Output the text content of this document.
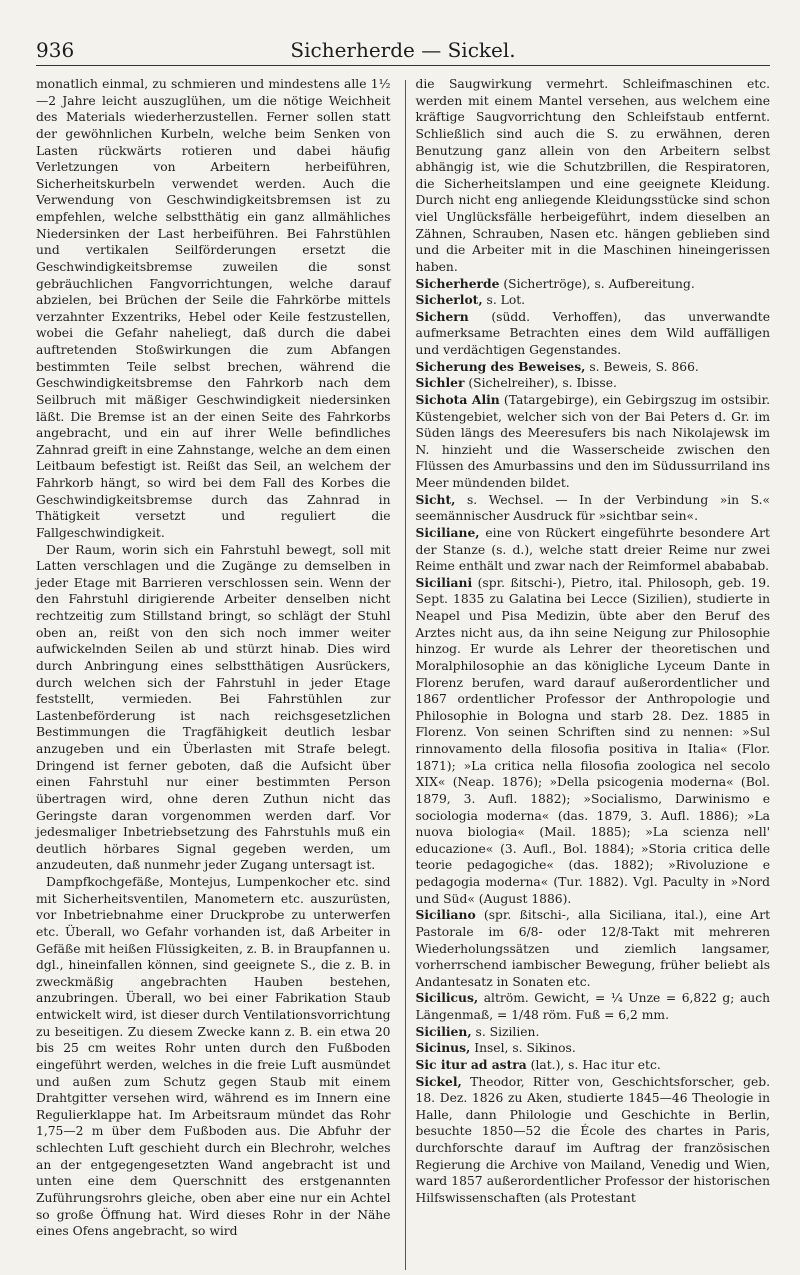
936	Sicherherde — Sickel.

monatlich einmal, zu schmieren und mindestens alle 1½—2 Jahre leicht auszuglühen, um die nötige Weichheit des Materials wiederherzustellen. Ferner sollen statt der gewöhnlichen Kurbeln, welche beim Senken von Lasten rückwärts rotieren und dabei häufig Verletzungen von Arbeitern herbeiführen, Sicherheitskurbeln verwendet werden. Auch die Verwendung von Geschwindigkeitsbremsen ist zu empfehlen, welche selbstthätig ein ganz allmähliches Niedersinken der Last herbeiführen. Bei Fahrstühlen und vertikalen Seilförderungen ersetzt die Geschwindigkeitsbremse zuweilen die sonst gebräuchlichen Fangvorrichtungen, welche darauf abzielen, bei Brüchen der Seile die Fahrkörbe mittels verzahnter Exzentriks, Hebel oder Keile festzustellen, wobei die Gefahr naheliegt, daß durch die dabei auftretenden Stoßwirkungen die zum Abfangen bestimmten Teile selbst brechen, während die Geschwindigkeitsbremse den Fahrkorb nach dem Seilbruch mit mäßiger Geschwindigkeit niedersinken läßt. Die Bremse ist an der einen Seite des Fahrkorbs angebracht, und ein auf ihrer Welle befindliches Zahnrad greift in eine Zahnstange, welche an dem einen Leitbaum befestigt ist. Reißt das Seil, an welchem der Fahrkorb hängt, so wird bei dem Fall des Korbes die Geschwindigkeitsbremse durch das Zahnrad in Thätigkeit versetzt und reguliert die Fallgeschwindigkeit.

Der Raum, worin sich ein Fahrstuhl bewegt, soll mit Latten verschlagen und die Zugänge zu demselben in jeder Etage mit Barrieren verschlossen sein. Wenn der den Fahrstuhl dirigierende Arbeiter denselben nicht rechtzeitig zum Stillstand bringt, so schlägt der Stuhl oben an, reißt von den sich noch immer weiter aufwickelnden Seilen ab und stürzt hinab. Dies wird durch Anbringung eines selbstthätigen Ausrückers, durch welchen sich der Fahrstuhl in jeder Etage feststellt, vermieden. Bei Fahrstühlen zur Lastenbeförderung ist nach reichsgesetzlichen Bestimmungen die Tragfähigkeit deutlich lesbar anzugeben und ein Überlasten mit Strafe belegt. Dringend ist ferner geboten, daß die Aufsicht über einen Fahrstuhl nur einer bestimmten Person übertragen wird, ohne deren Zuthun nicht das Geringste daran vorgenommen werden darf. Vor jedesmaliger Inbetriebsetzung des Fahrstuhls muß ein deutlich hörbares Signal gegeben werden, um anzudeuten, daß nunmehr jeder Zugang untersagt ist.

Dampfkochgefäße, Montejus, Lumpenkocher etc. sind mit Sicherheitsventilen, Manometern etc. auszurüsten, vor Inbetriebnahme einer Druckprobe zu unterwerfen etc. Überall, wo Gefahr vorhanden ist, daß Arbeiter in Gefäße mit heißen Flüssigkeiten, z. B. in Braupfannen u. dgl., hineinfallen können, sind geeignete S., die z. B. in zweckmäßig angebrachten Hauben bestehen, anzubringen. Überall, wo bei einer Fabrikation Staub entwickelt wird, ist dieser durch Ventilationsvorrichtung zu beseitigen. Zu diesem Zwecke kann z. B. ein etwa 20 bis 25 cm weites Rohr unten durch den Fußboden eingeführt werden, welches in die freie Luft ausmündet und außen zum Schutz gegen Staub mit einem Drahtgitter versehen wird, während es im Innern eine Regulierklappe hat. Im Arbeitsraum mündet das Rohr 1,75—2 m über dem Fußboden aus. Die Abfuhr der schlechten Luft geschieht durch ein Blechrohr, welches an der entgegengesetzten Wand angebracht ist und unten eine dem Querschnitt des erstgenannten Zuführungsrohrs gleiche, oben aber eine nur ein Achtel so große Öffnung hat. Wird dieses Rohr in der Nähe eines Ofens angebracht, so wird

die Saugwirkung vermehrt. Schleifmaschinen etc. werden mit einem Mantel versehen, aus welchem eine kräftige Saugvorrichtung den Schleifstaub entfernt. Schließlich sind auch die S. zu erwähnen, deren Benutzung ganz allein von den Arbeitern selbst abhängig ist, wie die Schutzbrillen, die Respiratoren, die Sicherheitslampen und eine geeignete Kleidung. Durch nicht eng anliegende Kleidungsstücke sind schon viel Unglücksfälle herbeigeführt, indem dieselben an Zähnen, Schrauben, Nasen etc. hängen geblieben sind und die Arbeiter mit in die Maschinen hineingerissen haben.

Sicherherde (Sichertröge), s. Aufbereitung.

Sicherlot, s. Lot.

Sichern (südd. Verhoffen), das unverwandte aufmerksame Betrachten eines dem Wild auffälligen und verdächtigen Gegenstandes.

Sicherung des Beweises, s. Beweis, S. 866.

Sichler (Sichelreiher), s. Ibisse.

Sichota Alin (Tatargebirge), ein Gebirgszug im ostsibir. Küstengebiet, welcher sich von der Bai Peters d. Gr. im Süden längs des Meeresufers bis nach Nikolajewsk im N. hinzieht und die Wasserscheide zwischen den Flüssen des Amurbassins und den im Südussurriland ins Meer mündenden bildet.

Sicht, s. Wechsel. — In der Verbindung »in S.« seemännischer Ausdruck für »sichtbar sein«.

Siciliane, eine von Rückert eingeführte besondere Art der Stanze (s. d.), welche statt dreier Reime nur zwei Reime enthält und zwar nach der Reimformel abababab.

Siciliani (spr. ßitschi-), Pietro, ital. Philosoph, geb. 19. Sept. 1835 zu Galatina bei Lecce (Sizilien), studierte in Neapel und Pisa Medizin, übte aber den Beruf des Arztes nicht aus, da ihn seine Neigung zur Philosophie hinzog. Er wurde als Lehrer der theoretischen und Moralphilosophie an das königliche Lyceum Dante in Florenz berufen, ward darauf außerordentlicher und 1867 ordentlicher Professor der Anthropologie und Philosophie in Bologna und starb 28. Dez. 1885 in Florenz. Von seinen Schriften sind zu nennen: »Sul rinnovamento della filosofia positiva in Italia« (Flor. 1871); »La critica nella filosofia zoologica nel secolo XIX« (Neap. 1876); »Della psicogenia moderna« (Bol. 1879, 3. Aufl. 1882); »Socialismo, Darwinismo e sociologia moderna« (das. 1879, 3. Aufl. 1886); »La nuova biologia« (Mail. 1885); »La scienza nell' educazione« (3. Aufl., Bol. 1884); »Storia critica delle teorie pedagogiche« (das. 1882); »Rivoluzione e pedagogia moderna« (Tur. 1882). Vgl. Paculty in »Nord und Süd« (August 1886).

Siciliano (spr. ßitschi-, alla Siciliana, ital.), eine Art Pastorale im 6/8- oder 12/8-Takt mit mehreren Wiederholungssätzen und ziemlich langsamer, vorherrschend iambischer Bewegung, früher beliebt als Andantesatz in Sonaten etc.

Sicilicus, altröm. Gewicht, = ¼ Unze = 6,822 g; auch Längenmaß, = 1/48 röm. Fuß = 6,2 mm.

Sicilien, s. Sizilien.

Sicinus, Insel, s. Sikinos.

Sic itur ad astra (lat.), s. Hac itur etc.

Sickel, Theodor, Ritter von, Geschichtsforscher, geb. 18. Dez. 1826 zu Aken, studierte 1845—46 Theologie in Halle, dann Philologie und Geschichte in Berlin, besuchte 1850—52 die École des chartes in Paris, durchforschte darauf im Auftrag der französischen Regierung die Archive von Mailand, Venedig und Wien, ward 1857 außerordentlicher Professor der historischen Hilfswissenschaften (als Protestant
